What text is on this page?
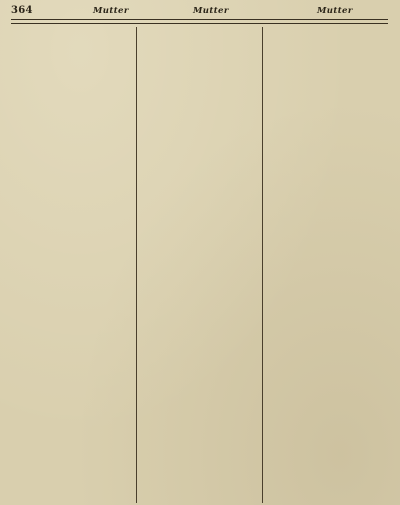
364	Mutter	Mutter	Mutter
